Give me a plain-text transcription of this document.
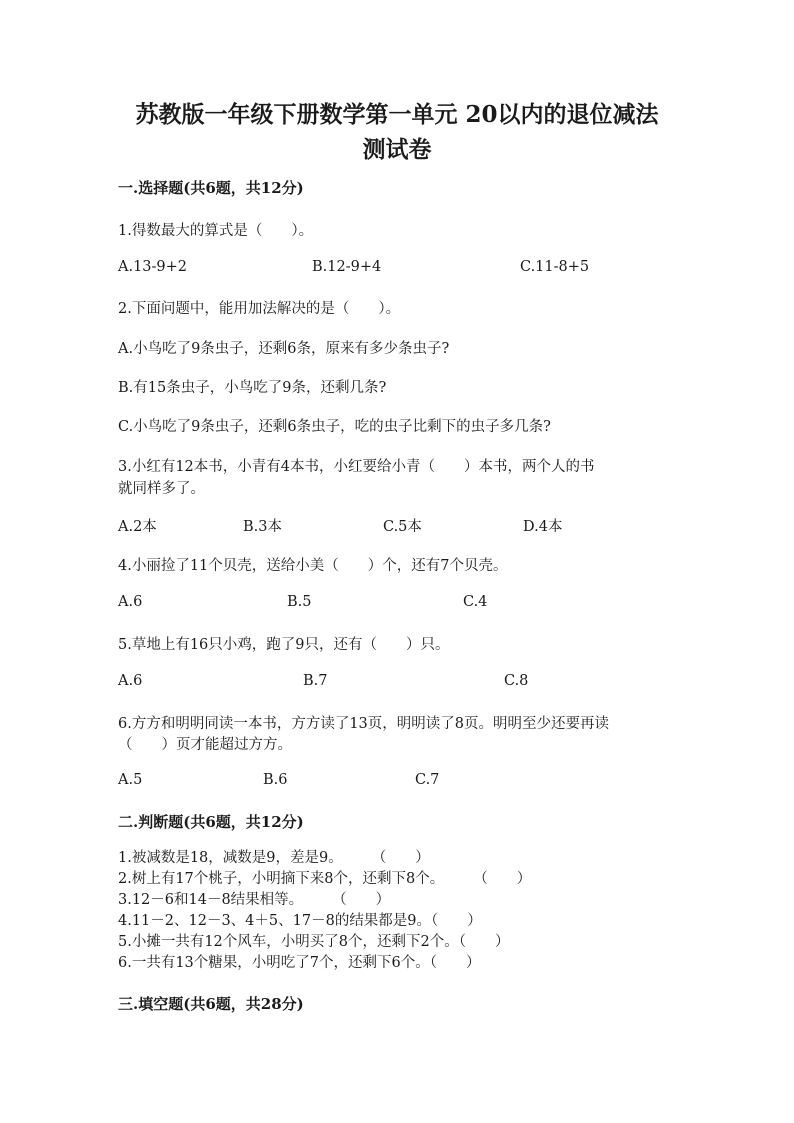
苏教版一年级下册数学第一单元 20以内的退位减法
测试卷
一.选择题(共6题，共12分)
1.得数最大的算式是（　　）。
A.13-9+2	B.12-9+4	C.11-8+5
2.下面问题中，能用加法解决的是（　　）。
A.小鸟吃了9条虫子，还剩6条，原来有多少条虫子?
B.有15条虫子，小鸟吃了9条，还剩几条?
C.小鸟吃了9条虫子，还剩6条虫子，吃的虫子比剩下的虫子多几条?
3.小红有12本书，小青有4本书，小红要给小青（　　）本书，两个人的书
就同样多了。
A.2本	B.3本	C.5本	D.4本
4.小丽捡了11个贝壳，送给小美（　　）个，还有7个贝壳。
A.6	B.5	C.4
5.草地上有16只小鸡，跑了9只，还有（　　）只。
A.6	B.7	C.8
6.方方和明明同读一本书，方方读了13页，明明读了8页。明明至少还要再读
（　　）页才能超过方方。
A.5	B.6	C.7
二.判断题(共6题，共12分)
1.被减数是18，减数是9，差是9。　　　（　　）
2.树上有17个桃子，小明摘下来8个，还剩下8个。　　　（　　）
3.12－6和14－8结果相等。　　　（　　）
4.11－2、12－3、4＋5、17－8的结果都是9。（　　）
5.小摊一共有12个风车，小明买了8个，还剩下2个。（　　）
6.一共有13个糖果，小明吃了7个，还剩下6个。（　　）
三.填空题(共6题，共28分)
